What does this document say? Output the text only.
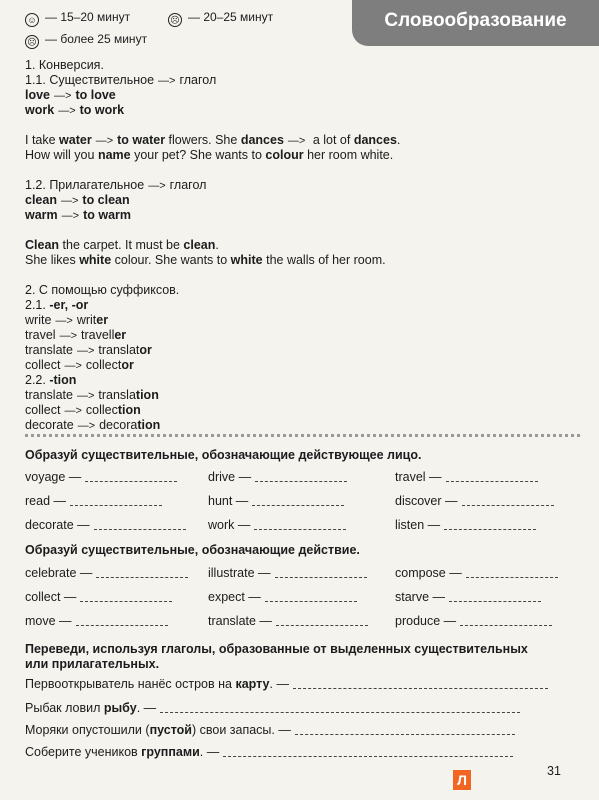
Словообразование
☺ — 15–20 минут	☹ — 20–25 минут
☹ — более 25 минут
1. Конверсия.
1.1. Существительное —> глагол
love —> to love
work —> to work
I take water —> to water flowers. She dances —> a lot of dances.
How will you name your pet? She wants to colour her room white.
1.2. Прилагательное —> глагол
clean —> to clean
warm —> to warm
Clean the carpet. It must be clean.
She likes white colour. She wants to white the walls of her room.
2. С помощью суффиксов.
2.1. -er, -or
write —> writer
travel —> traveller
translate —> translator
collect —> collector
2.2. -tion
translate —> translation
collect —> collection
decorate —> decoration
Образуй существительные, обозначающие действующее лицо.
voyage —	drive —	travel —
read —	hunt —	discover —
decorate —	work —	listen —
Образуй существительные, обозначающие действие.
celebrate —	illustrate —	compose —
collect —	expect —	starve —
move —	translate —	produce —
Переведи, используя глаголы, образованные от выделенных существительных
или прилагательных.
Первооткрыватель нанёс остров на карту. —
Рыбак ловил рыбу. —
Моряки опустошили (пустой) свои запасы. —
Соберите учеников группами. —
31
Л
